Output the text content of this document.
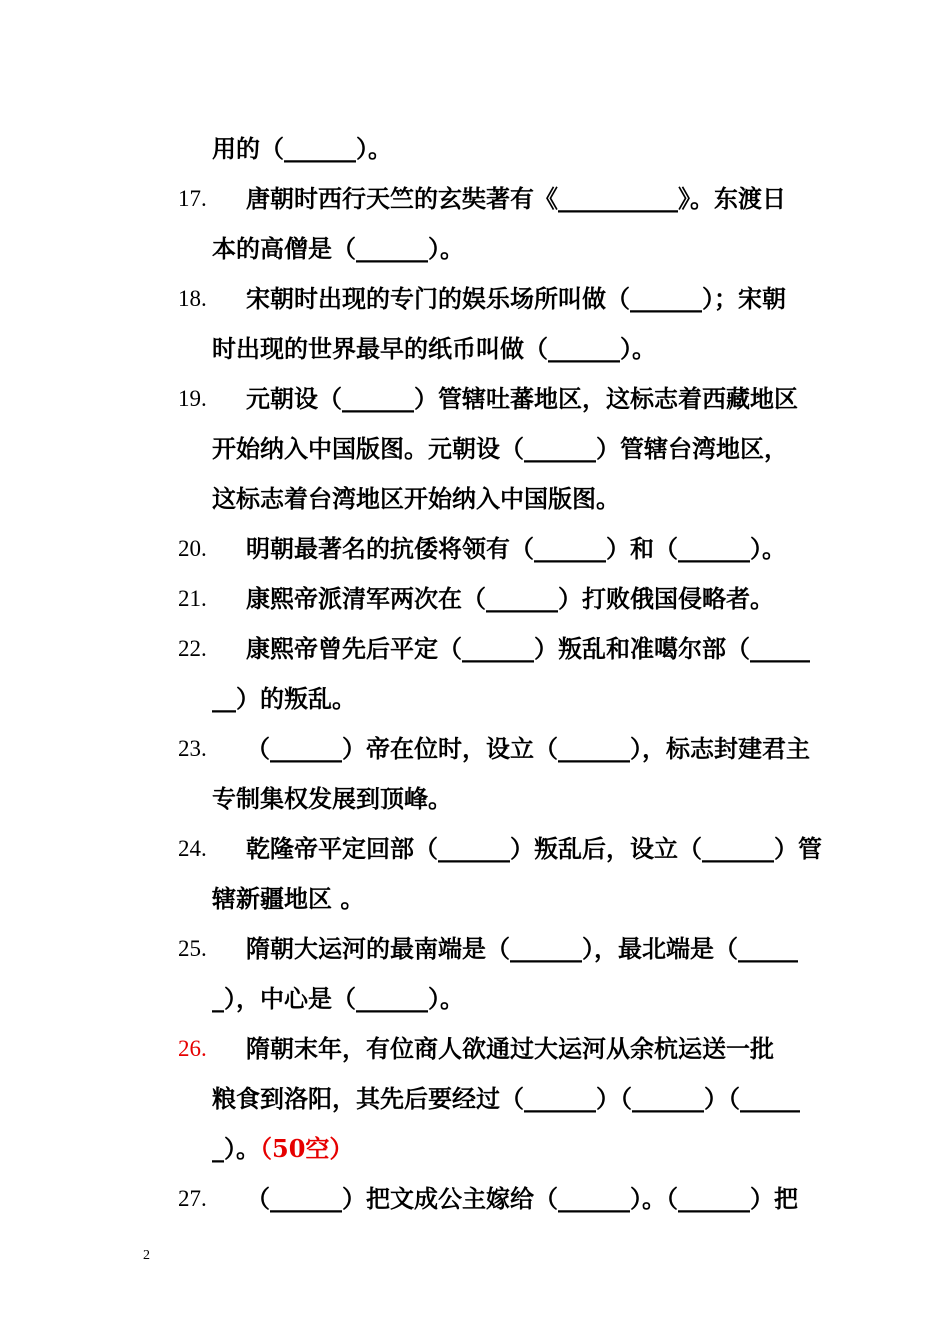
用的（______）。
17. 唐朝时西行天竺的玄奘著有《__________》。东渡日
本的高僧是（______）。
18. 宋朝时出现的专门的娱乐场所叫做（______）；宋朝
时出现的世界最早的纸币叫做（______）。
19. 元朝设（______）管辖吐蕃地区，这标志着西藏地区
开始纳入中国版图。元朝设（______）管辖台湾地区，
这标志着台湾地区开始纳入中国版图。
20. 明朝最著名的抗倭将领有（______）和（______）。
21. 康熙帝派清军两次在（______）打败俄国侵略者。
22. 康熙帝曾先后平定（______）叛乱和准噶尔部（_____
__）的叛乱。
23. （______）帝在位时，设立（______），标志封建君主
专制集权发展到顶峰。
24. 乾隆帝平定回部（______）叛乱后，设立（______）管
辖新疆地区 。
25. 隋朝大运河的最南端是（______），最北端是（_____
_），中心是（______）。
26. 隋朝末年，有位商人欲通过大运河从余杭运送一批
粮食到洛阳，其先后要经过（______）（______）（_____
_）。（50空）
27. （______）把文成公主嫁给（______）。（______）把
2
